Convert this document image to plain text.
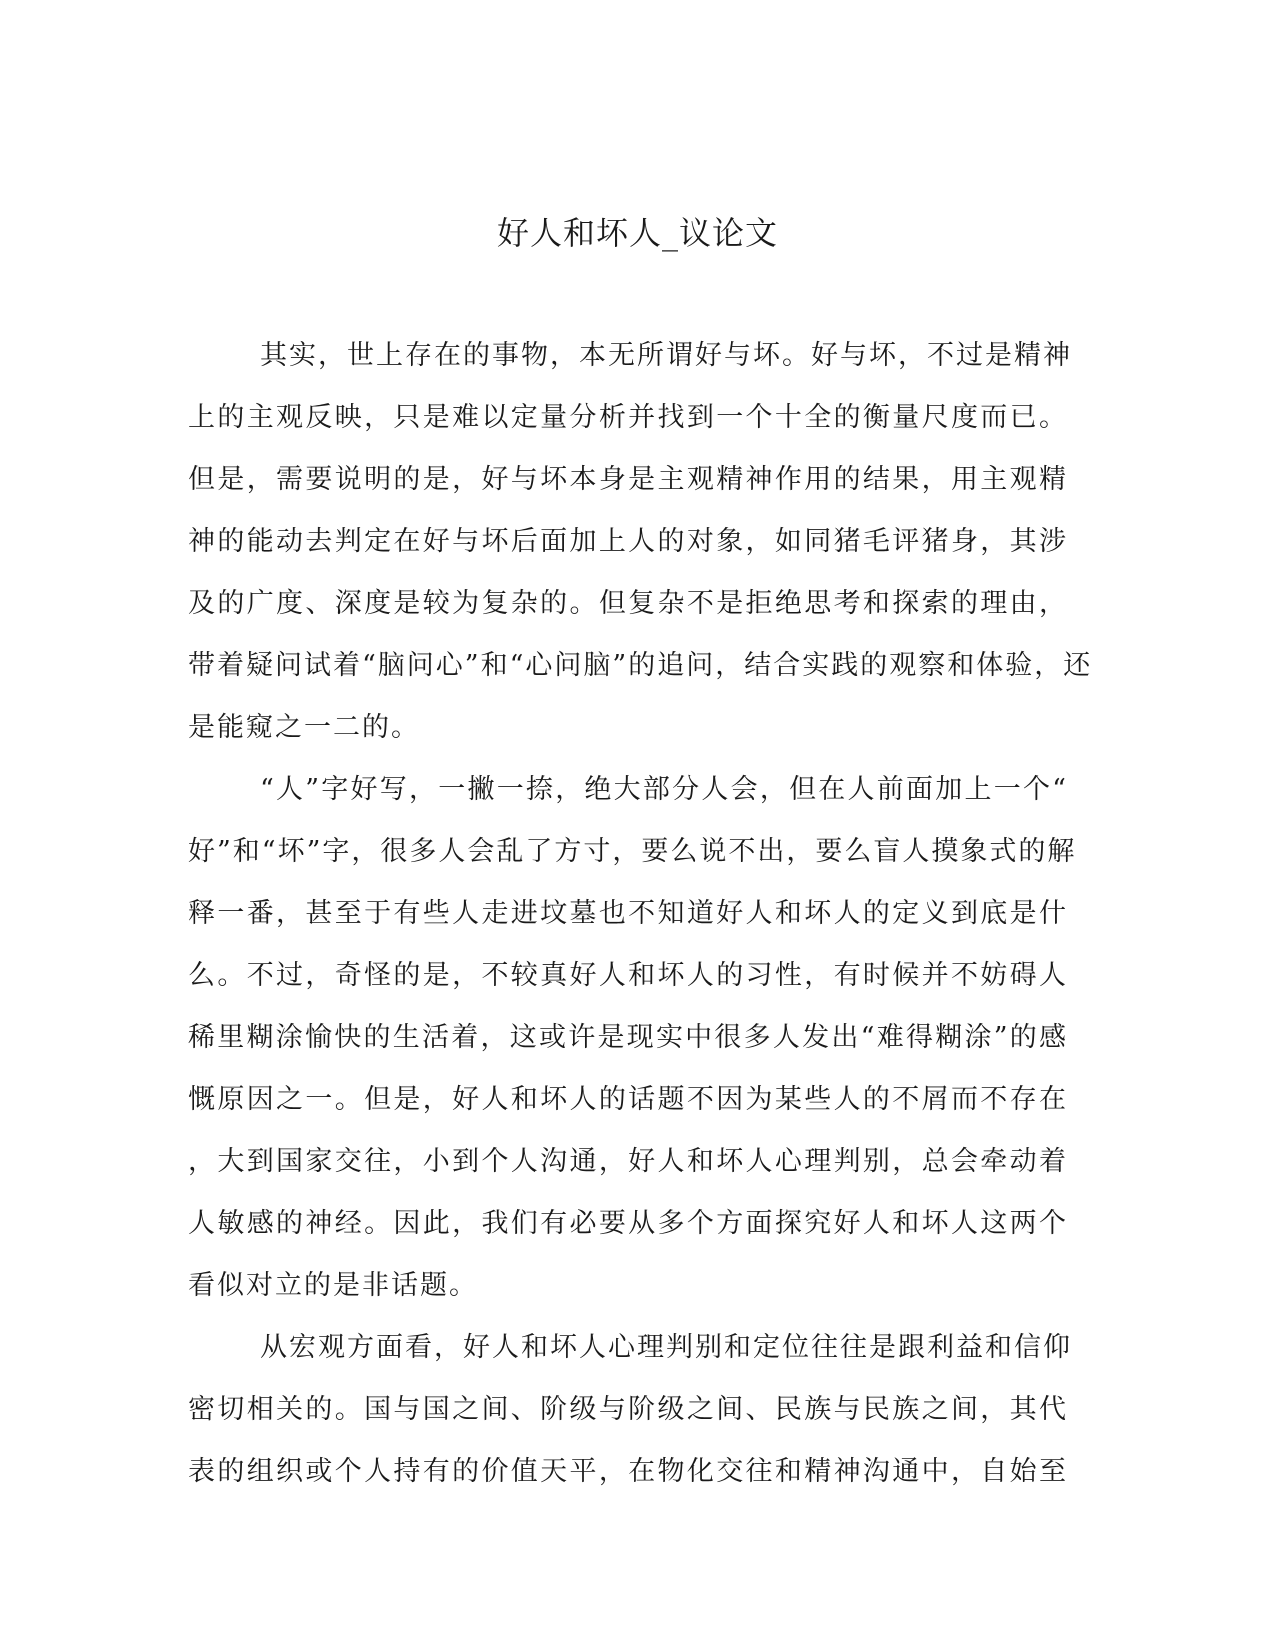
好人和坏人_议论文
其实，世上存在的事物，本无所谓好与坏。好与坏，不过是精神
上的主观反映，只是难以定量分析并找到一个十全的衡量尺度而已。
但是，需要说明的是，好与坏本身是主观精神作用的结果，用主观精
神的能动去判定在好与坏后面加上人的对象，如同猪毛评猪身，其涉
及的广度、深度是较为复杂的。但复杂不是拒绝思考和探索的理由，
带着疑问试着“脑问心”和“心问脑”的追问，结合实践的观察和体验，还
是能窥之一二的。
“人”字好写，一撇一捺，绝大部分人会，但在人前面加上一个“
好”和“坏”字，很多人会乱了方寸，要么说不出，要么盲人摸象式的解
释一番，甚至于有些人走进坟墓也不知道好人和坏人的定义到底是什
么。不过，奇怪的是，不较真好人和坏人的习性，有时候并不妨碍人
稀里糊涂愉快的生活着，这或许是现实中很多人发出“难得糊涂”的感
慨原因之一。但是，好人和坏人的话题不因为某些人的不屑而不存在
，大到国家交往，小到个人沟通，好人和坏人心理判别，总会牵动着
人敏感的神经。因此，我们有必要从多个方面探究好人和坏人这两个
看似对立的是非话题。
从宏观方面看，好人和坏人心理判别和定位往往是跟利益和信仰
密切相关的。国与国之间、阶级与阶级之间、民族与民族之间，其代
表的组织或个人持有的价值天平，在物化交往和精神沟通中，自始至
